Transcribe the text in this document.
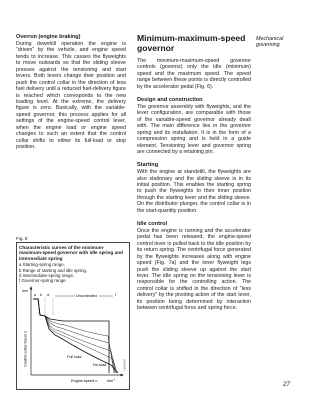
Overrun (engine braking)

During downhill operation the engine is "driven" by the vehicle, and engine speed tends to increase. This causes the flyweights to move outwards so that the sliding sleeve presses against the tensioning and start levers. Both levers change their position and push the control collar in the direction of less fuel delivery until a reduced fuel-delivery figure is reached which corresponds to the new loading level. At the extreme, the delivery figure is zero. Basically, with the variable-speed governor, this process applies for all settings of the engine-speed control lever, when the engine load or engine speed changes to such an extent that the control collar shifts to either its full-load or stop position.

Fig. 6

Characteristic curves of the minimum-maximum-speed governor with idle spring and intermediate spring

a Starting-spring range,

b Range of starting and idle spring,

d Intermediate-spring range,

f Governor-spring range.

mm
Control-collar travel s
Engine speed n	$\min^{-1}$
a b d	f
Uncontrolled
Full load
No-load	UMK0404E
Minimum-maximum-speed governor

The minimum-maximum-speed governor controls (governs) only the idle (minimum) speed and the maximum speed. The speed range between these points is directly controlled by the accelerator pedal (Fig. 6).

Design and construction

The governor assembly with flyweights, and the lever configuration, are comparable with those of the variable-speed governor already dealt with. The main difference lies in the governor spring and its installation. It is in the form of a compression spring and is held in a guide element. Tensioning lever and governor spring are connected by a retaining pin.

Starting

With the engine at standstill, the flyweights are also stationary and the sliding sleeve is in its initial position. This enables the starting spring to push the flyweights to their inner position through the starting lever and the sliding sleeve. On the distributor plunger, the control collar is in the start-quantity position.

Idle control

Once the engine is running and the accelerator pedal has been released, the engine-speed control lever is pulled back to the idle position by its return spring. The centrifugal force generated by the flyweights increases along with engine speed (Fig. 7a) and the inner flyweight legs push the sliding sleeve up against the start lever. The idle spring on the tensioning lever is responsible for the controlling action. The control collar is shifted in the direction of "less delivery" by the pivoting action of the start lever, its position being determined by interaction between centrifugal force and spring force.

Mechanical governing
27
